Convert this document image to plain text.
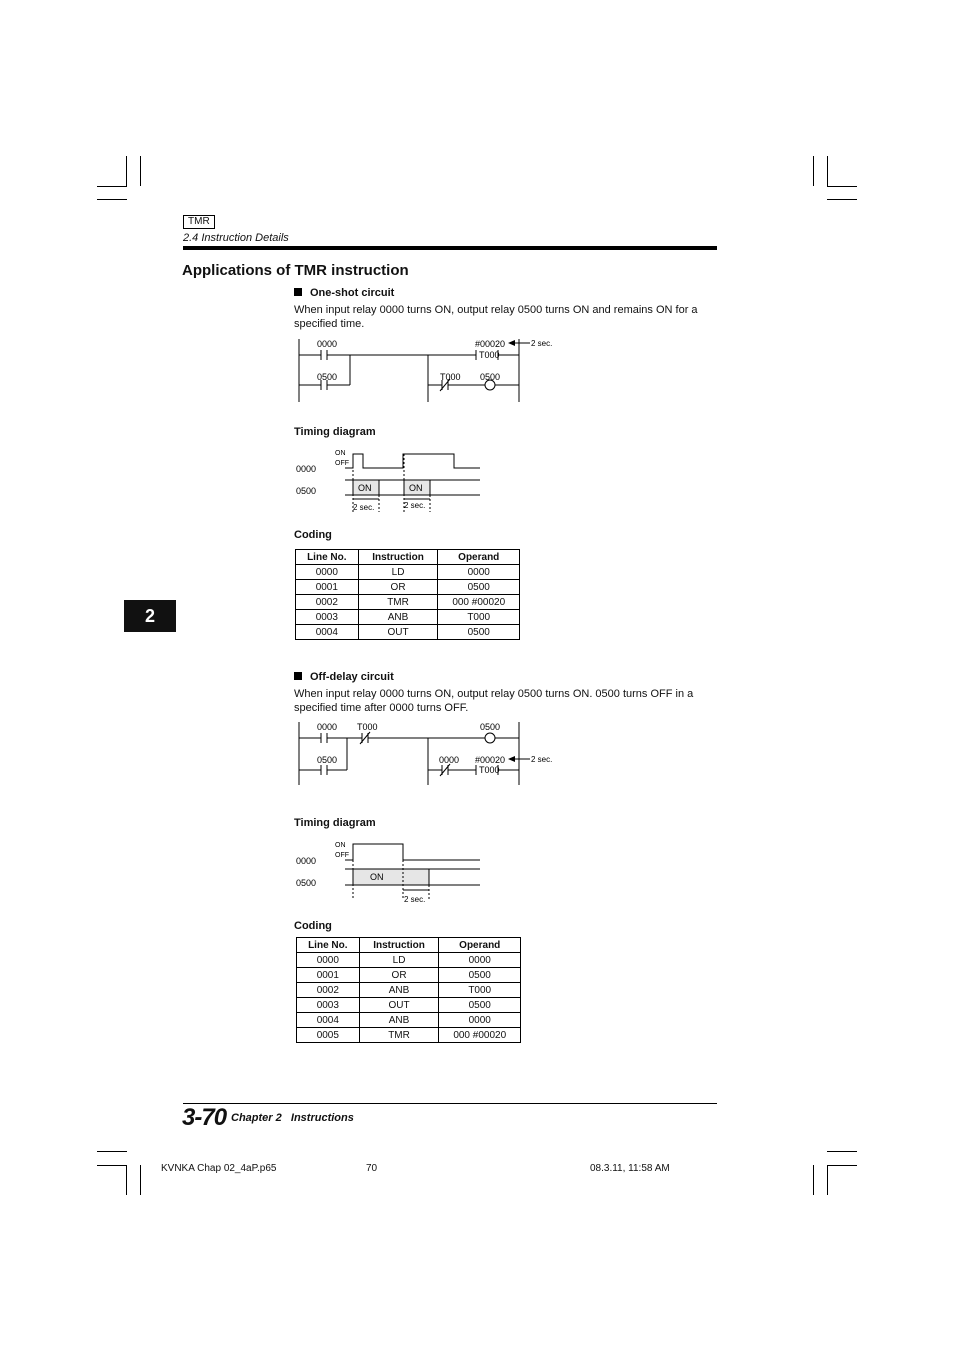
TMR
2.4 Instruction Details
Applications of TMR instruction
2
One-shot circuit
When input relay 0000 turns ON, output relay 0500 turns ON and remains ON for a specified time.
0000
0500	T000 0500
#00020
T000
2 sec.
Timing diagram
ON
OFF
0000
0500	ON	ON
2 sec.	2 sec.
Coding
Line No.	Instruction	Operand
0000	LD	0000
0001	OR	0500
0002	TMR	000 #00020
0003	ANB	T000
0004	OUT	0500
Off-delay circuit
When input relay 0000 turns ON, output relay 0500 turns ON. 0500 turns OFF in a specified time after 0000 turns OFF.
0000 T000	0500
0500	0000 #00020
T000
2 sec.
Timing diagram
ON
OFF
0000
0500
ON
2 sec.
Coding
Line No.	Instruction	Operand
0000	LD	0000
0001	OR	0500
0002	ANB	T000
0003	OUT	0500
0004	ANB	0000
0005	TMR	000 #00020
3-70 Chapter 2   Instructions
KVNKA Chap 02_4aP.p65	70	08.3.11, 11:58 AM
